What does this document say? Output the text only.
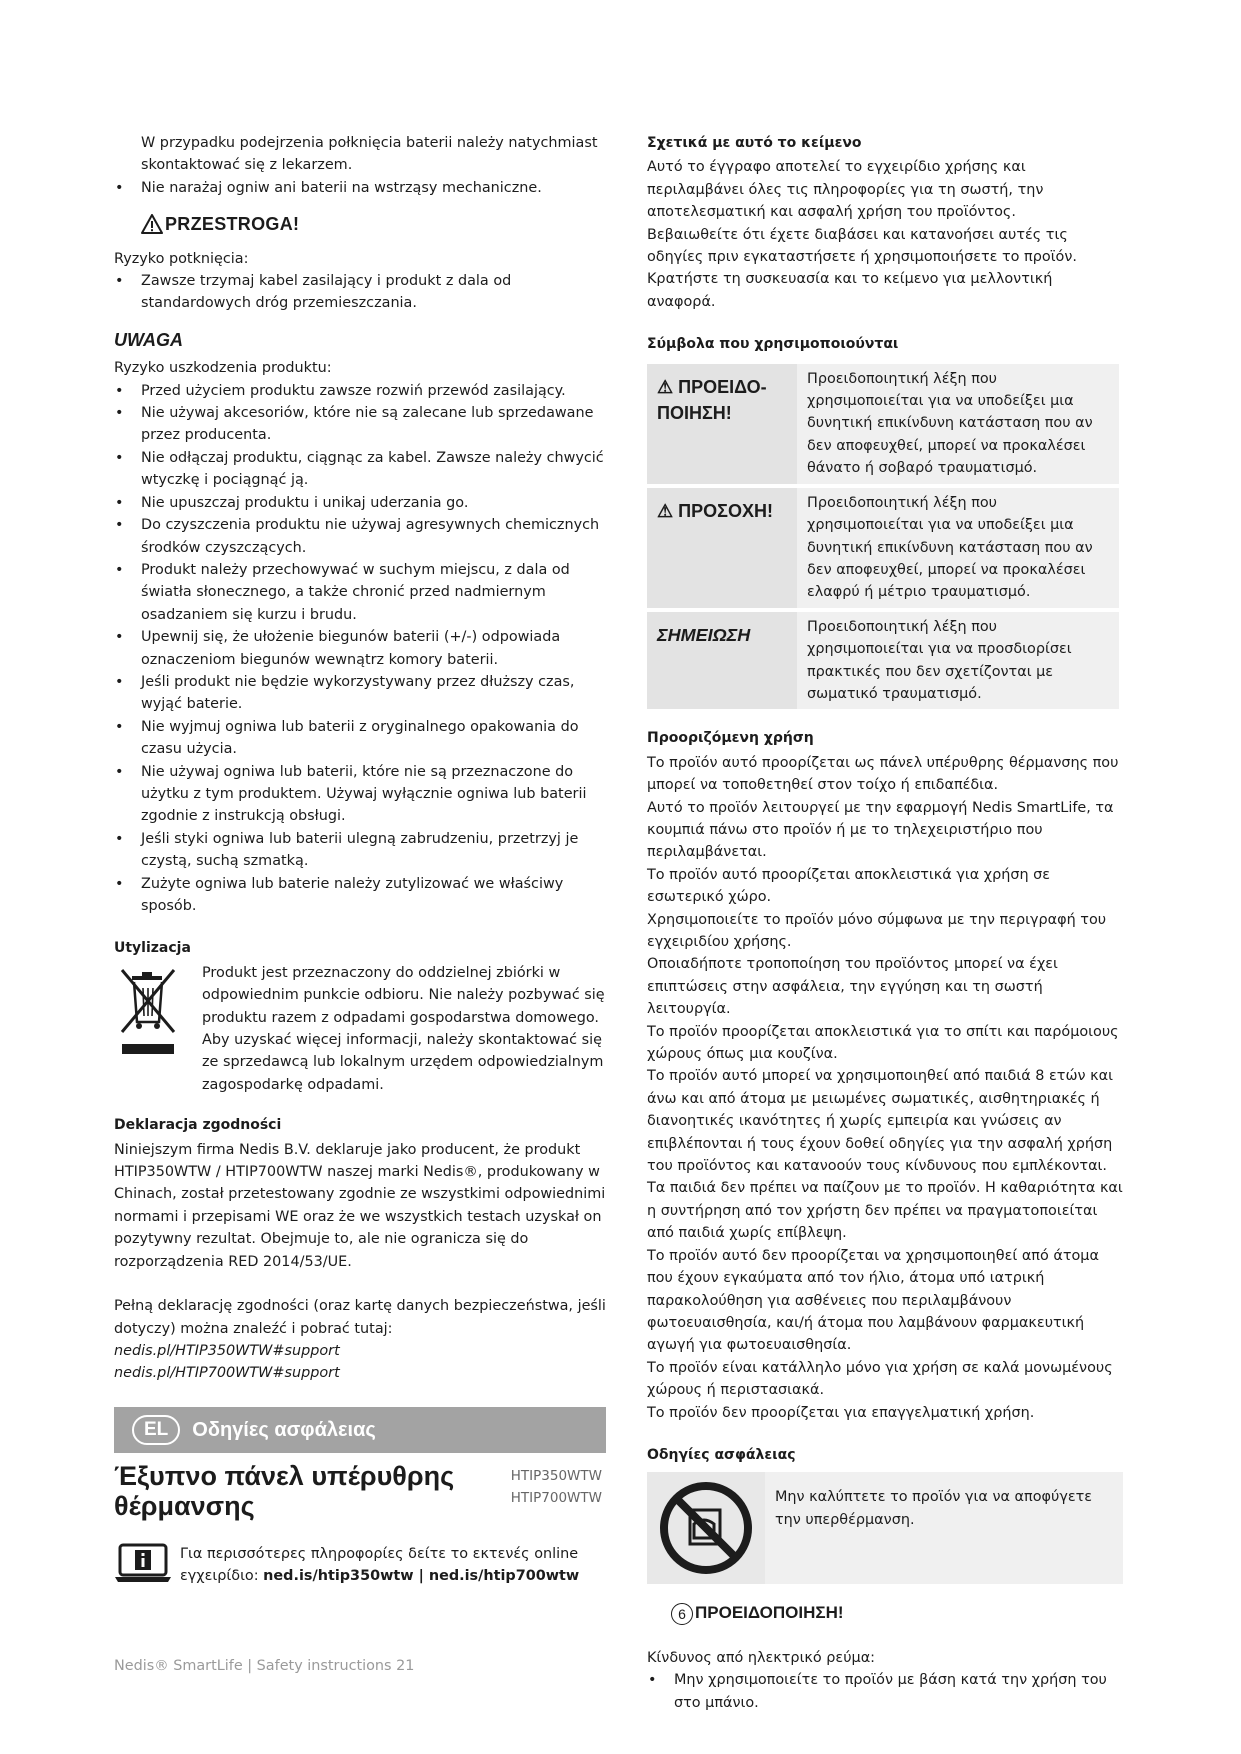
W przypadku podejrzenia połknięcia baterii należy natychmiast skontaktować się z lekarzem.

• Nie narażaj ogniw ani baterii na wstrząsy mechaniczne.
PRZESTROGA!

Ryzyko potknięcia:

• Zawsze trzymaj kabel zasilający i produkt z dala od standardowych dróg przemieszczania.
UWAGA

Ryzyko uszkodzenia produktu:

• Przed użyciem produktu zawsze rozwiń przewód zasilający.
• Nie używaj akcesoriów, które nie są zalecane lub sprzedawane przez producenta.
• Nie odłączaj produktu, ciągnąc za kabel. Zawsze należy chwycić wtyczkę i pociągnąć ją.
• Nie upuszczaj produktu i unikaj uderzania go.
• Do czyszczenia produktu nie używaj agresywnych chemicznych środków czyszczących.
• Produkt należy przechowywać w suchym miejscu, z dala od światła słonecznego, a także chronić przed nadmiernym osadzaniem się kurzu i brudu.
• Upewnij się, że ułożenie biegunów baterii (+/-) odpowiada oznaczeniom biegunów wewnątrz komory baterii.
• Jeśli produkt nie będzie wykorzystywany przez dłuższy czas, wyjąć baterie.
• Nie wyjmuj ogniwa lub baterii z oryginalnego opakowania do czasu użycia.
• Nie używaj ogniwa lub baterii, które nie są przeznaczone do użytku z tym produktem. Używaj wyłącznie ogniwa lub baterii zgodnie z instrukcją obsługi.
• Jeśli styki ogniwa lub baterii ulegną zabrudzeniu, przetrzyj je czystą, suchą szmatką.
• Zużyte ogniwa lub baterie należy zutylizować we właściwy sposób.

Utylizacja

Produkt jest przeznaczony do oddzielnej zbiórki w odpowiednim punkcie odbioru. Nie należy pozbywać się produktu razem z odpadami gospodarstwa domowego.

Aby uzyskać więcej informacji, należy skontaktować się ze sprzedawcą lub lokalnym urzędem odpowiedzialnym zagospodarkę odpadami.

Deklaracja zgodności

Niniejszym firma Nedis B.V. deklaruje jako producent, że produkt HTIP350WTW / HTIP700WTW naszej marki Nedis®, produkowany w Chinach, został przetestowany zgodnie ze wszystkimi odpowiednimi normami i przepisami WE oraz że we wszystkich testach uzyskał on pozytywny rezultat. Obejmuje to, ale nie ogranicza się do rozporządzenia RED 2014/53/UE.

Pełną deklarację zgodności (oraz kartę danych bezpieczeństwa, jeśli dotyczy) można znaleźć i pobrać tutaj:

nedis.pl/HTIP350WTW#support

nedis.pl/HTIP700WTW#support

EL	Οδηγίες ασφάλειας
Έξυπνο πάνελ υπέρυθρης
θέρμανσης
HTIP350WTW
HTIP700WTW
Για περισσότερες πληροφορίες δείτε το εκτενές online εγχειρίδιο: ned.is/htip350wtw | ned.is/htip700wtw

Σχετικά με αυτό το κείμενο

Αυτό το έγγραφο αποτελεί το εγχειρίδιο χρήσης και περιλαμβάνει όλες τις πληροφορίες για τη σωστή, την αποτελεσματική και ασφαλή χρήση του προϊόντος.

Βεβαιωθείτε ότι έχετε διαβάσει και κατανοήσει αυτές τις οδηγίες πριν εγκαταστήσετε ή χρησιμοποιήσετε το προϊόν. Κρατήστε τη συσκευασία και το κείμενο για μελλοντική αναφορά.

Σύμβολα που χρησιμοποιούνται

⚠ ΠΡΟΕΙΔΟ-ΠΟΙΗΣΗ!	Προειδοποιητική λέξη που χρησιμοποιείται για να υποδείξει μια δυνητική επικίνδυνη κατάσταση που αν δεν αποφευχθεί, μπορεί να προκαλέσει θάνατο ή σοβαρό τραυματισμό.
⚠ ΠΡΟΣΟΧΗ!	Προειδοποιητική λέξη που χρησιμοποιείται για να υποδείξει μια δυνητική επικίνδυνη κατάσταση που αν δεν αποφευχθεί, μπορεί να προκαλέσει ελαφρύ ή μέτριο τραυματισμό.
ΣΗΜΕΙΩΣΗ	Προειδοποιητική λέξη που χρησιμοποιείται για να προσδιορίσει πρακτικές που δεν σχετίζονται με σωματικό τραυματισμό.

Προοριζόμενη χρήση

Το προϊόν αυτό προορίζεται ως πάνελ υπέρυθρης θέρμανσης που μπορεί να τοποθετηθεί στον τοίχο ή επιδαπέδια.

Αυτό το προϊόν λειτουργεί με την εφαρμογή Nedis SmartLife, τα κουμπιά πάνω στο προϊόν ή με το τηλεχειριστήριο που περιλαμβάνεται.

Το προϊόν αυτό προορίζεται αποκλειστικά για χρήση σε εσωτερικό χώρο.

Χρησιμοποιείτε το προϊόν μόνο σύμφωνα με την περιγραφή του εγχειριδίου χρήσης.

Οποιαδήποτε τροποποίηση του προϊόντος μπορεί να έχει επιπτώσεις στην ασφάλεια, την εγγύηση και τη σωστή λειτουργία.

Το προϊόν προορίζεται αποκλειστικά για το σπίτι και παρόμοιους χώρους όπως μια κουζίνα.

Το προϊόν αυτό μπορεί να χρησιμοποιηθεί από παιδιά 8 ετών και άνω και από άτομα με μειωμένες σωματικές, αισθητηριακές ή διανοητικές ικανότητες ή χωρίς εμπειρία και γνώσεις αν επιβλέπονται ή τους έχουν δοθεί οδηγίες για την ασφαλή χρήση του προϊόντος και κατανοούν τους κίνδυνους που εμπλέκονται. Τα παιδιά δεν πρέπει να παίζουν με το προϊόν. Η καθαριότητα και η συντήρηση από τον χρήστη δεν πρέπει να πραγματοποιείται από παιδιά χωρίς επίβλεψη.

Το προϊόν αυτό δεν προορίζεται να χρησιμοποιηθεί από άτομα που έχουν εγκαύματα από τον ήλιο, άτομα υπό ιατρική παρακολούθηση για ασθένειες που περιλαμβάνουν φωτοευαισθησία, και/ή άτομα που λαμβάνουν φαρμακευτική αγωγή για φωτοευαισθησία.

Το προϊόν είναι κατάλληλο μόνο για χρήση σε καλά μονωμένους χώρους ή περιστασιακά.

Το προϊόν δεν προορίζεται για επαγγελματική χρήση.

Οδηγίες ασφάλειας

Μην καλύπτετε το προϊόν για να αποφύγετε την υπερθέρμανση.
6 ΠΡΟΕΙΔΟΠΟΙΗΣΗ!

Κίνδυνος από ηλεκτρικό ρεύμα:

• Μην χρησιμοποιείτε το προϊόν με βάση κατά την χρήση του στο μπάνιο.
Nedis® SmartLife | Safety instructions 21
